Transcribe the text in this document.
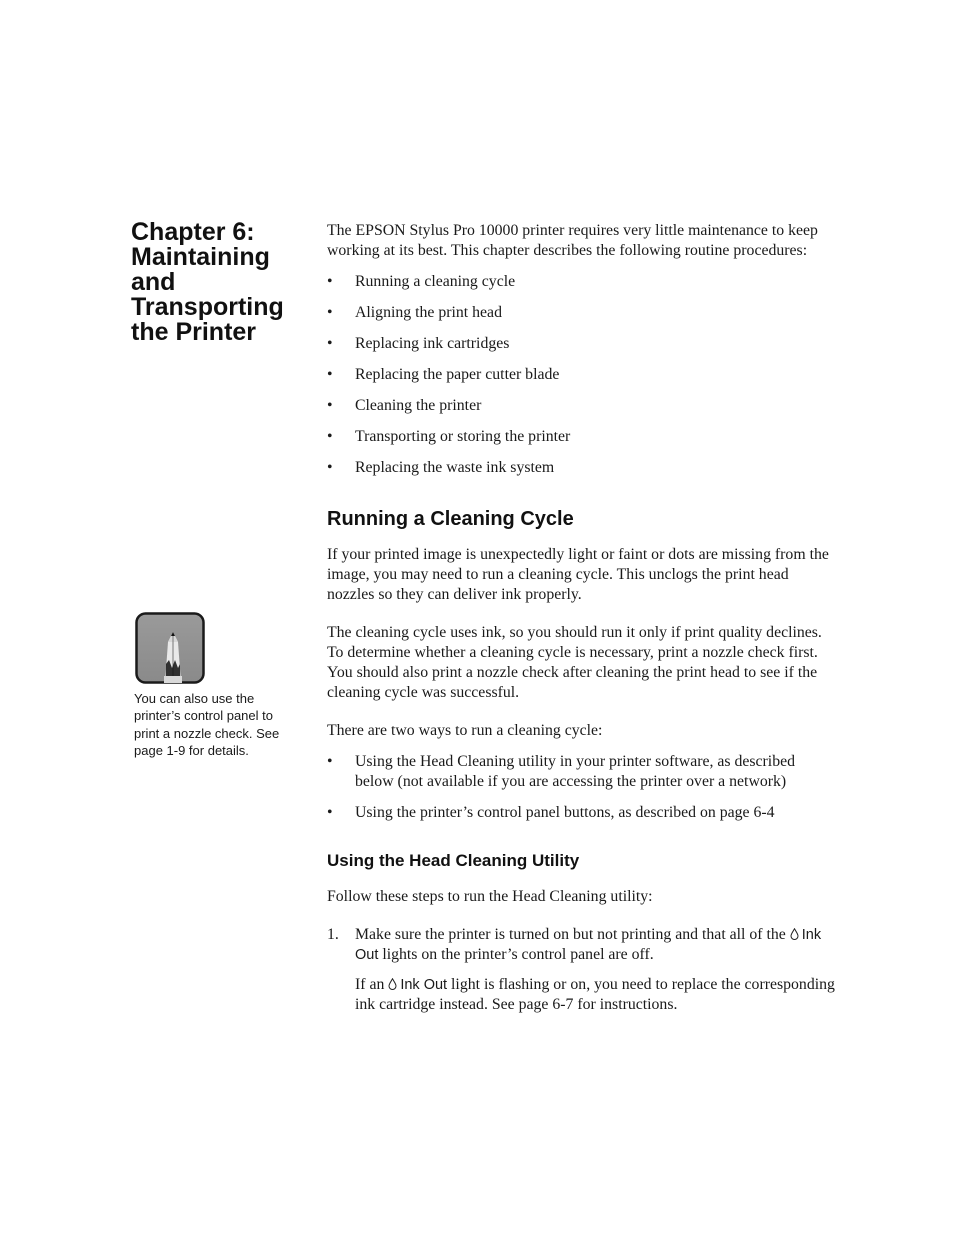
Chapter 6:
Maintaining
and
Transporting
the Printer

You can also use the printer’s control panel to print a nozzle check. See page 1-9 for details.

The EPSON Stylus Pro 10000 printer requires very little maintenance to keep working at its best. This chapter describes the following routine procedures:

• Running a cleaning cycle
• Aligning the print head
• Replacing ink cartridges
• Replacing the paper cutter blade
• Cleaning the printer
• Transporting or storing the printer
• Replacing the waste ink system
Running a Cleaning Cycle

If your printed image is unexpectedly light or faint or dots are missing from the image, you may need to run a cleaning cycle. This unclogs the print head nozzles so they can deliver ink properly.

The cleaning cycle uses ink, so you should run it only if print quality declines. To determine whether a cleaning cycle is necessary, print a nozzle check first. You should also print a nozzle check after cleaning the print head to see if the cleaning cycle was successful.

There are two ways to run a cleaning cycle:

• Using the Head Cleaning utility in your printer software, as described below (not available if you are accessing the printer over a network)
• Using the printer’s control panel buttons, as described on page 6-4
Using the Head Cleaning Utility

Follow these steps to run the Head Cleaning utility:

1. Make sure the printer is turned on but not printing and that all of the Ink Out lights on the printer’s control panel are off.

If an Ink Out light is flashing or on, you need to replace the corresponding ink cartridge instead. See page 6-7 for instructions.
